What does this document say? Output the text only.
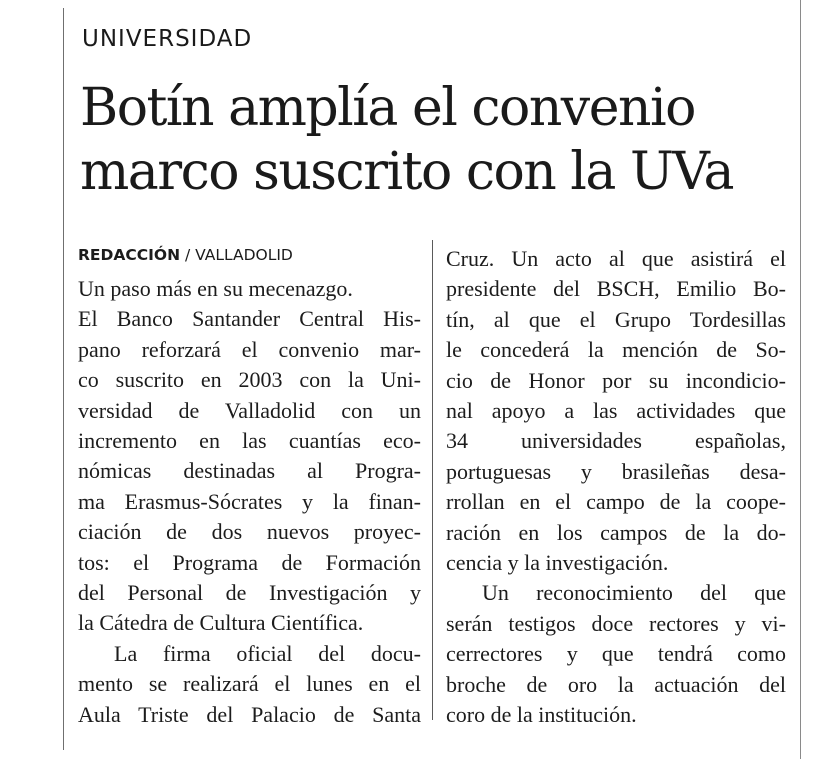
UNIVERSIDAD
Botín amplía el convenio
marco suscrito con la UVa
REDACCIÓN / VALLADOLID
Un paso más en su mecenazgo.
El Banco Santander Central His-
pano reforzará el convenio mar-
co suscrito en 2003 con la Uni-
versidad de Valladolid con un
incremento en las cuantías eco-
nómicas destinadas al Progra-
ma Erasmus-Sócrates y la finan-
ciación de dos nuevos proyec-
tos: el Programa de Formación
del Personal de Investigación y
la Cátedra de Cultura Científica.
La firma oficial del docu-
mento se realizará el lunes en el
Aula Triste del Palacio de Santa
Cruz. Un acto al que asistirá el
presidente del BSCH, Emilio Bo-
tín, al que el Grupo Tordesillas
le concederá la mención de So-
cio de Honor por su incondicio-
nal apoyo a las actividades que
34 universidades españolas,
portuguesas y brasileñas desa-
rrollan en el campo de la coope-
ración en los campos de la do-
cencia y la investigación.
Un reconocimiento del que
serán testigos doce rectores y vi-
cerrectores y que tendrá como
broche de oro la actuación del
coro de la institución.
